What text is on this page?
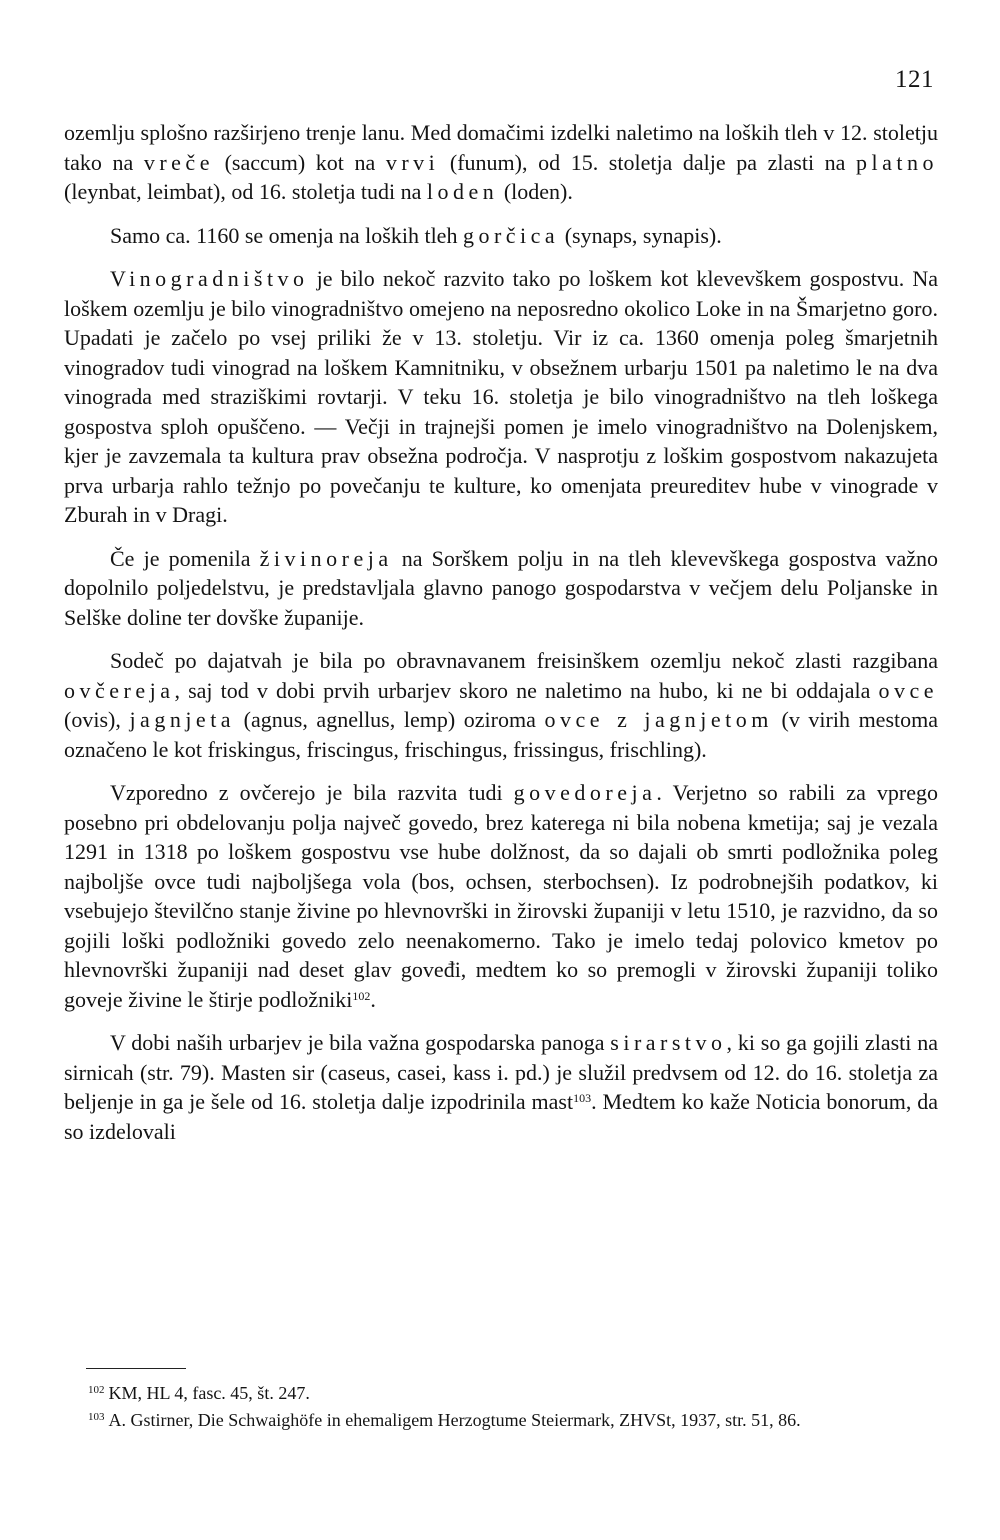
121

ozemlju splošno razširjeno trenje lanu. Med domačimi izdelki naletimo na loških tleh v 12. stoletju tako na vreče (saccum) kot na vrvi (funum), od 15. stoletja dalje pa zlasti na platno (leynbat, leimbat), od 16. stoletja tudi na loden (loden).

Samo ca. 1160 se omenja na loških tleh gorčica (synaps, synapis).

Vinogradništvo je bilo nekoč razvito tako po loškem kot klevevškem gospostvu. Na loškem ozemlju je bilo vinogradništvo omejeno na neposredno okolico Loke in na Šmarjetno goro. Upadati je začelo po vsej priliki že v 13. stoletju. Vir iz ca. 1360 omenja poleg šmarjetnih vinogradov tudi vinograd na loškem Kamnitniku, v obsežnem urbarju 1501 pa naletimo le na dva vinograda med straziškimi rovtarji. V teku 16. stoletja je bilo vinogradništvo na tleh loškega gospostva sploh opuščeno. — Večji in trajnejši pomen je imelo vinogradništvo na Dolenjskem, kjer je zavzemala ta kultura prav obsežna področja. V nasprotju z loškim gospostvom nakazujeta prva urbarja rahlo težnjo po povečanju te kulture, ko omenjata preureditev hube v vinograde v Zburah in v Dragi.

Če je pomenila živinoreja na Sorškem polju in na tleh klevevškega gospostva važno dopolnilo poljedelstvu, je predstavljala glavno panogo gospodarstva v večjem delu Poljanske in Selške doline ter dovške županije.

Sodeč po dajatvah je bila po obravnavanem freisinškem ozemlju nekoč zlasti razgibana ovčereja, saj tod v dobi prvih urbarjev skoro ne naletimo na hubo, ki ne bi oddajala ovce (ovis), jagnjeta (agnus, agnellus, lemp) oziroma ovce z jagnjetom (v virih mestoma označeno le kot friskingus, friscingus, frischingus, frissingus, frischling).

Vzporedno z ovčerejo je bila razvita tudi govedoreja. Verjetno so rabili za vprego posebno pri obdelovanju polja največ govedo, brez katerega ni bila nobena kmetija; saj je vezala 1291 in 1318 po loškem gospostvu vse hube dolžnost, da so dajali ob smrti podložnika poleg najboljše ovce tudi najboljšega vola (bos, ochsen, sterbochsen). Iz podrobnejših podatkov, ki vsebujejo številčno stanje živine po hlevnovrški in žirovski županiji v letu 1510, je razvidno, da so gojili loški podložniki govedo zelo neenakomerno. Tako je imelo tedaj polovico kmetov po hlevnovrški županiji nad deset glav goveđi, medtem ko so premogli v žirovski županiji toliko goveje živine le štirje podložniki$^{102}$.

V dobi naših urbarjev je bila važna gospodarska panoga sirarstvo, ki so ga gojili zlasti na sirnicah (str. 79). Masten sir (caseus, casei, kass i. pd.) je služil predvsem od 12. do 16. stoletja za beljenje in ga je šele od 16. stoletja dalje izpodrinila mast$^{103}$. Medtem ko kaže Noticia bonorum, da so izdelovali

$^{102}$ KM, HL 4, fasc. 45, št. 247.

$^{103}$ A. Gstirner, Die Schwaighöfe in ehemaligem Herzogtume Steiermark, ZHVSt, 1937, str. 51, 86.
